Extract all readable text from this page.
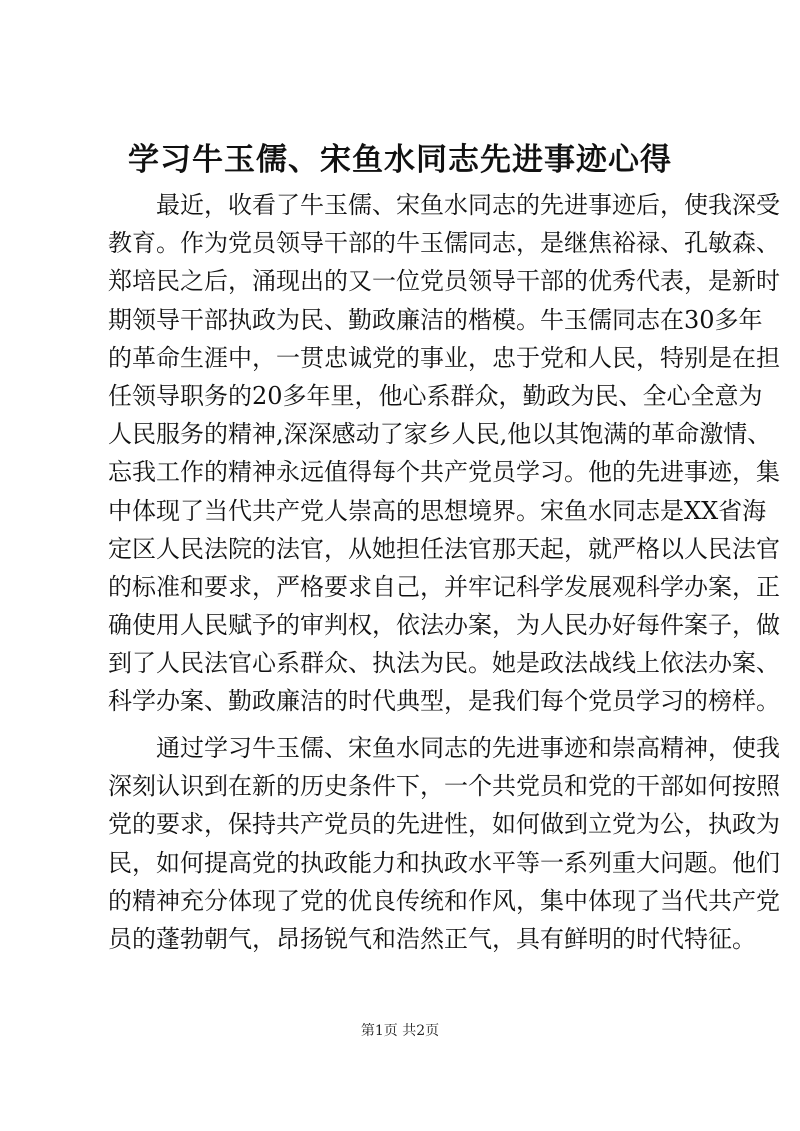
学习牛玉儒、宋鱼水同志先进事迹心得
最近，收看了牛玉儒、宋鱼水同志的先进事迹后，使我深受
教育。作为党员领导干部的牛玉儒同志，是继焦裕禄、孔敏森、
郑培民之后，涌现出的又一位党员领导干部的优秀代表，是新时
期领导干部执政为民、勤政廉洁的楷模。牛玉儒同志在30多年
的革命生涯中，一贯忠诚党的事业，忠于党和人民，特别是在担
任领导职务的20多年里，他心系群众，勤政为民、全心全意为
人民服务的精神,深深感动了家乡人民,他以其饱满的革命激情、
忘我工作的精神永远值得每个共产党员学习。他的先进事迹，集
中体现了当代共产党人崇高的思想境界。宋鱼水同志是XX省海
定区人民法院的法官，从她担任法官那天起，就严格以人民法官
的标准和要求，严格要求自己，并牢记科学发展观科学办案，正
确使用人民赋予的审判权，依法办案，为人民办好每件案子，做
到了人民法官心系群众、执法为民。她是政法战线上依法办案、
科学办案、勤政廉洁的时代典型，是我们每个党员学习的榜样。
通过学习牛玉儒、宋鱼水同志的先进事迹和崇高精神，使我
深刻认识到在新的历史条件下，一个共党员和党的干部如何按照
党的要求，保持共产党员的先进性，如何做到立党为公，执政为
民，如何提高党的执政能力和执政水平等一系列重大问题。他们
的精神充分体现了党的优良传统和作风，集中体现了当代共产党
员的蓬勃朝气，昂扬锐气和浩然正气，具有鲜明的时代特征。
第1页 共2页
